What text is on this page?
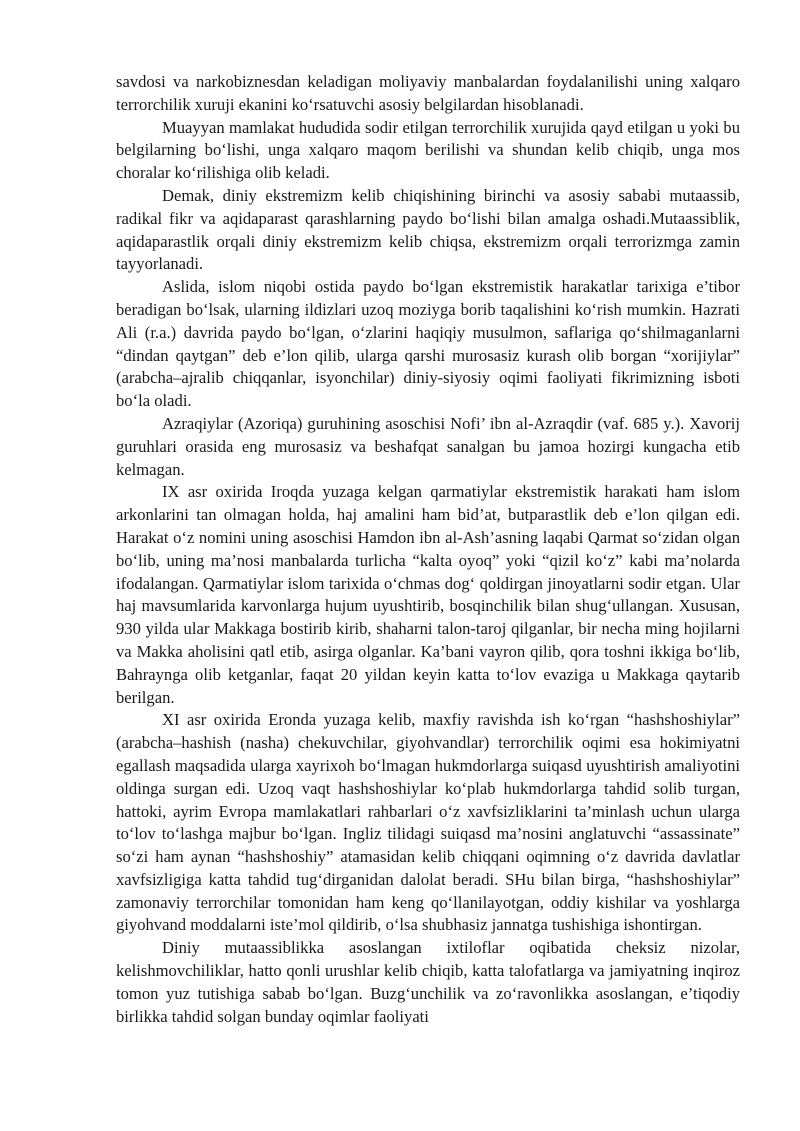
savdosi va narkobiznesdan keladigan moliyaviy manbalardan foydalanilishi uning xalqaro terrorchilik xuruji ekanini ko‘rsatuvchi asosiy belgilardan hisoblanadi.

Muayyan mamlakat hududida sodir etilgan terrorchilik xurujida qayd etilgan u yoki bu belgilarning bo‘lishi, unga xalqaro maqom berilishi va shundan kelib chiqib, unga mos choralar ko‘rilishiga olib keladi.

Demak, diniy ekstremizm kelib chiqishining birinchi va asosiy sababi mutaassib, radikal fikr va aqidaparast qarashlarning paydo bo‘lishi bilan amalga oshadi.Mutaassiblik, aqidaparastlik orqali diniy ekstremizm kelib chiqsa, ekstremizm orqali terrorizmga zamin tayyorlanadi.

Aslida, islom niqobi ostida paydo bo‘lgan ekstremistik harakatlar tarixiga e’tibor beradigan bo‘lsak, ularning ildizlari uzoq moziyga borib taqalishini ko‘rish mumkin. Hazrati Ali (r.a.) davrida paydo bo‘lgan, o‘zlarini haqiqiy musulmon, saflariga qo‘shilmaganlarni “dindan qaytgan” deb e’lon qilib, ularga qarshi murosasiz kurash olib borgan “xorijiylar” (arabcha–ajralib chiqqanlar, isyonchilar) diniy-siyosiy oqimi faoliyati fikrimizning isboti bo‘la oladi.

Azraqiylar (Azoriqa) guruhining asoschisi Nofi’ ibn al-Azraqdir (vaf. 685 y.). Xavorij guruhlari orasida eng murosasiz va beshafqat sanalgan bu jamoa hozirgi kungacha etib kelmagan.

IX asr oxirida Iroqda yuzaga kelgan qarmatiylar ekstremistik harakati ham islom arkonlarini tan olmagan holda, haj amalini ham bid’at, butparastlik deb e’lon qilgan edi. Harakat o‘z nomini uning asoschisi Hamdon ibn al-Ash’asning laqabi Qarmat so‘zidan olgan bo‘lib, uning ma’nosi manbalarda turlicha “kalta oyoq” yoki “qizil ko‘z” kabi ma’nolarda ifodalangan. Qarmatiylar islom tarixida o‘chmas dog‘ qoldirgan jinoyatlarni sodir etgan. Ular haj mavsumlarida karvonlarga hujum uyushtirib, bosqinchilik bilan shug‘ullangan. Xususan, 930 yilda ular Makkaga bostirib kirib, shaharni talon-taroj qilganlar, bir necha ming hojilarni va Makka aholisini qatl etib, asirga olganlar. Ka’bani vayron qilib, qora toshni ikkiga bo‘lib, Bahraynga olib ketganlar, faqat 20 yildan keyin katta to‘lov evaziga u Makkaga qaytarib berilgan.

XI asr oxirida Eronda yuzaga kelib, maxfiy ravishda ish ko‘rgan “hashshoshiylar” (arabcha–hashish (nasha) chekuvchilar, giyohvandlar) terrorchilik oqimi esa hokimiyatni egallash maqsadida ularga xayrixoh bo‘lmagan hukmdorlarga suiqasd uyushtirish amaliyotini oldinga surgan edi. Uzoq vaqt hashshoshiylar ko‘plab hukmdorlarga tahdid solib turgan, hattoki, ayrim Evropa mamlakatlari rahbarlari o‘z xavfsizliklarini ta’minlash uchun ularga to‘lov to‘lashga majbur bo‘lgan. Ingliz tilidagi suiqasd ma’nosini anglatuvchi “assassinate” so‘zi ham aynan “hashshoshiy” atamasidan kelib chiqqani oqimning o‘z davrida davlatlar xavfsizligiga katta tahdid tug‘dirganidan dalolat beradi. SHu bilan birga, “hashshoshiylar” zamonaviy terrorchilar tomonidan ham keng qo‘llanilayotgan, oddiy kishilar va yoshlarga giyohvand moddalarni iste’mol qildirib, o‘lsa shubhasiz jannatga tushishiga ishontirgan.

Diniy mutaassiblikka asoslangan ixtiloflar oqibatida cheksiz nizolar, kelishmovchiliklar, hatto qonli urushlar kelib chiqib, katta talofatlarga va jamiyatning inqiroz tomon yuz tutishiga sabab bo‘lgan. Buzg‘unchilik va zo‘ravonlikka asoslangan, e’tiqodiy birlikka tahdid solgan bunday oqimlar faoliyati
